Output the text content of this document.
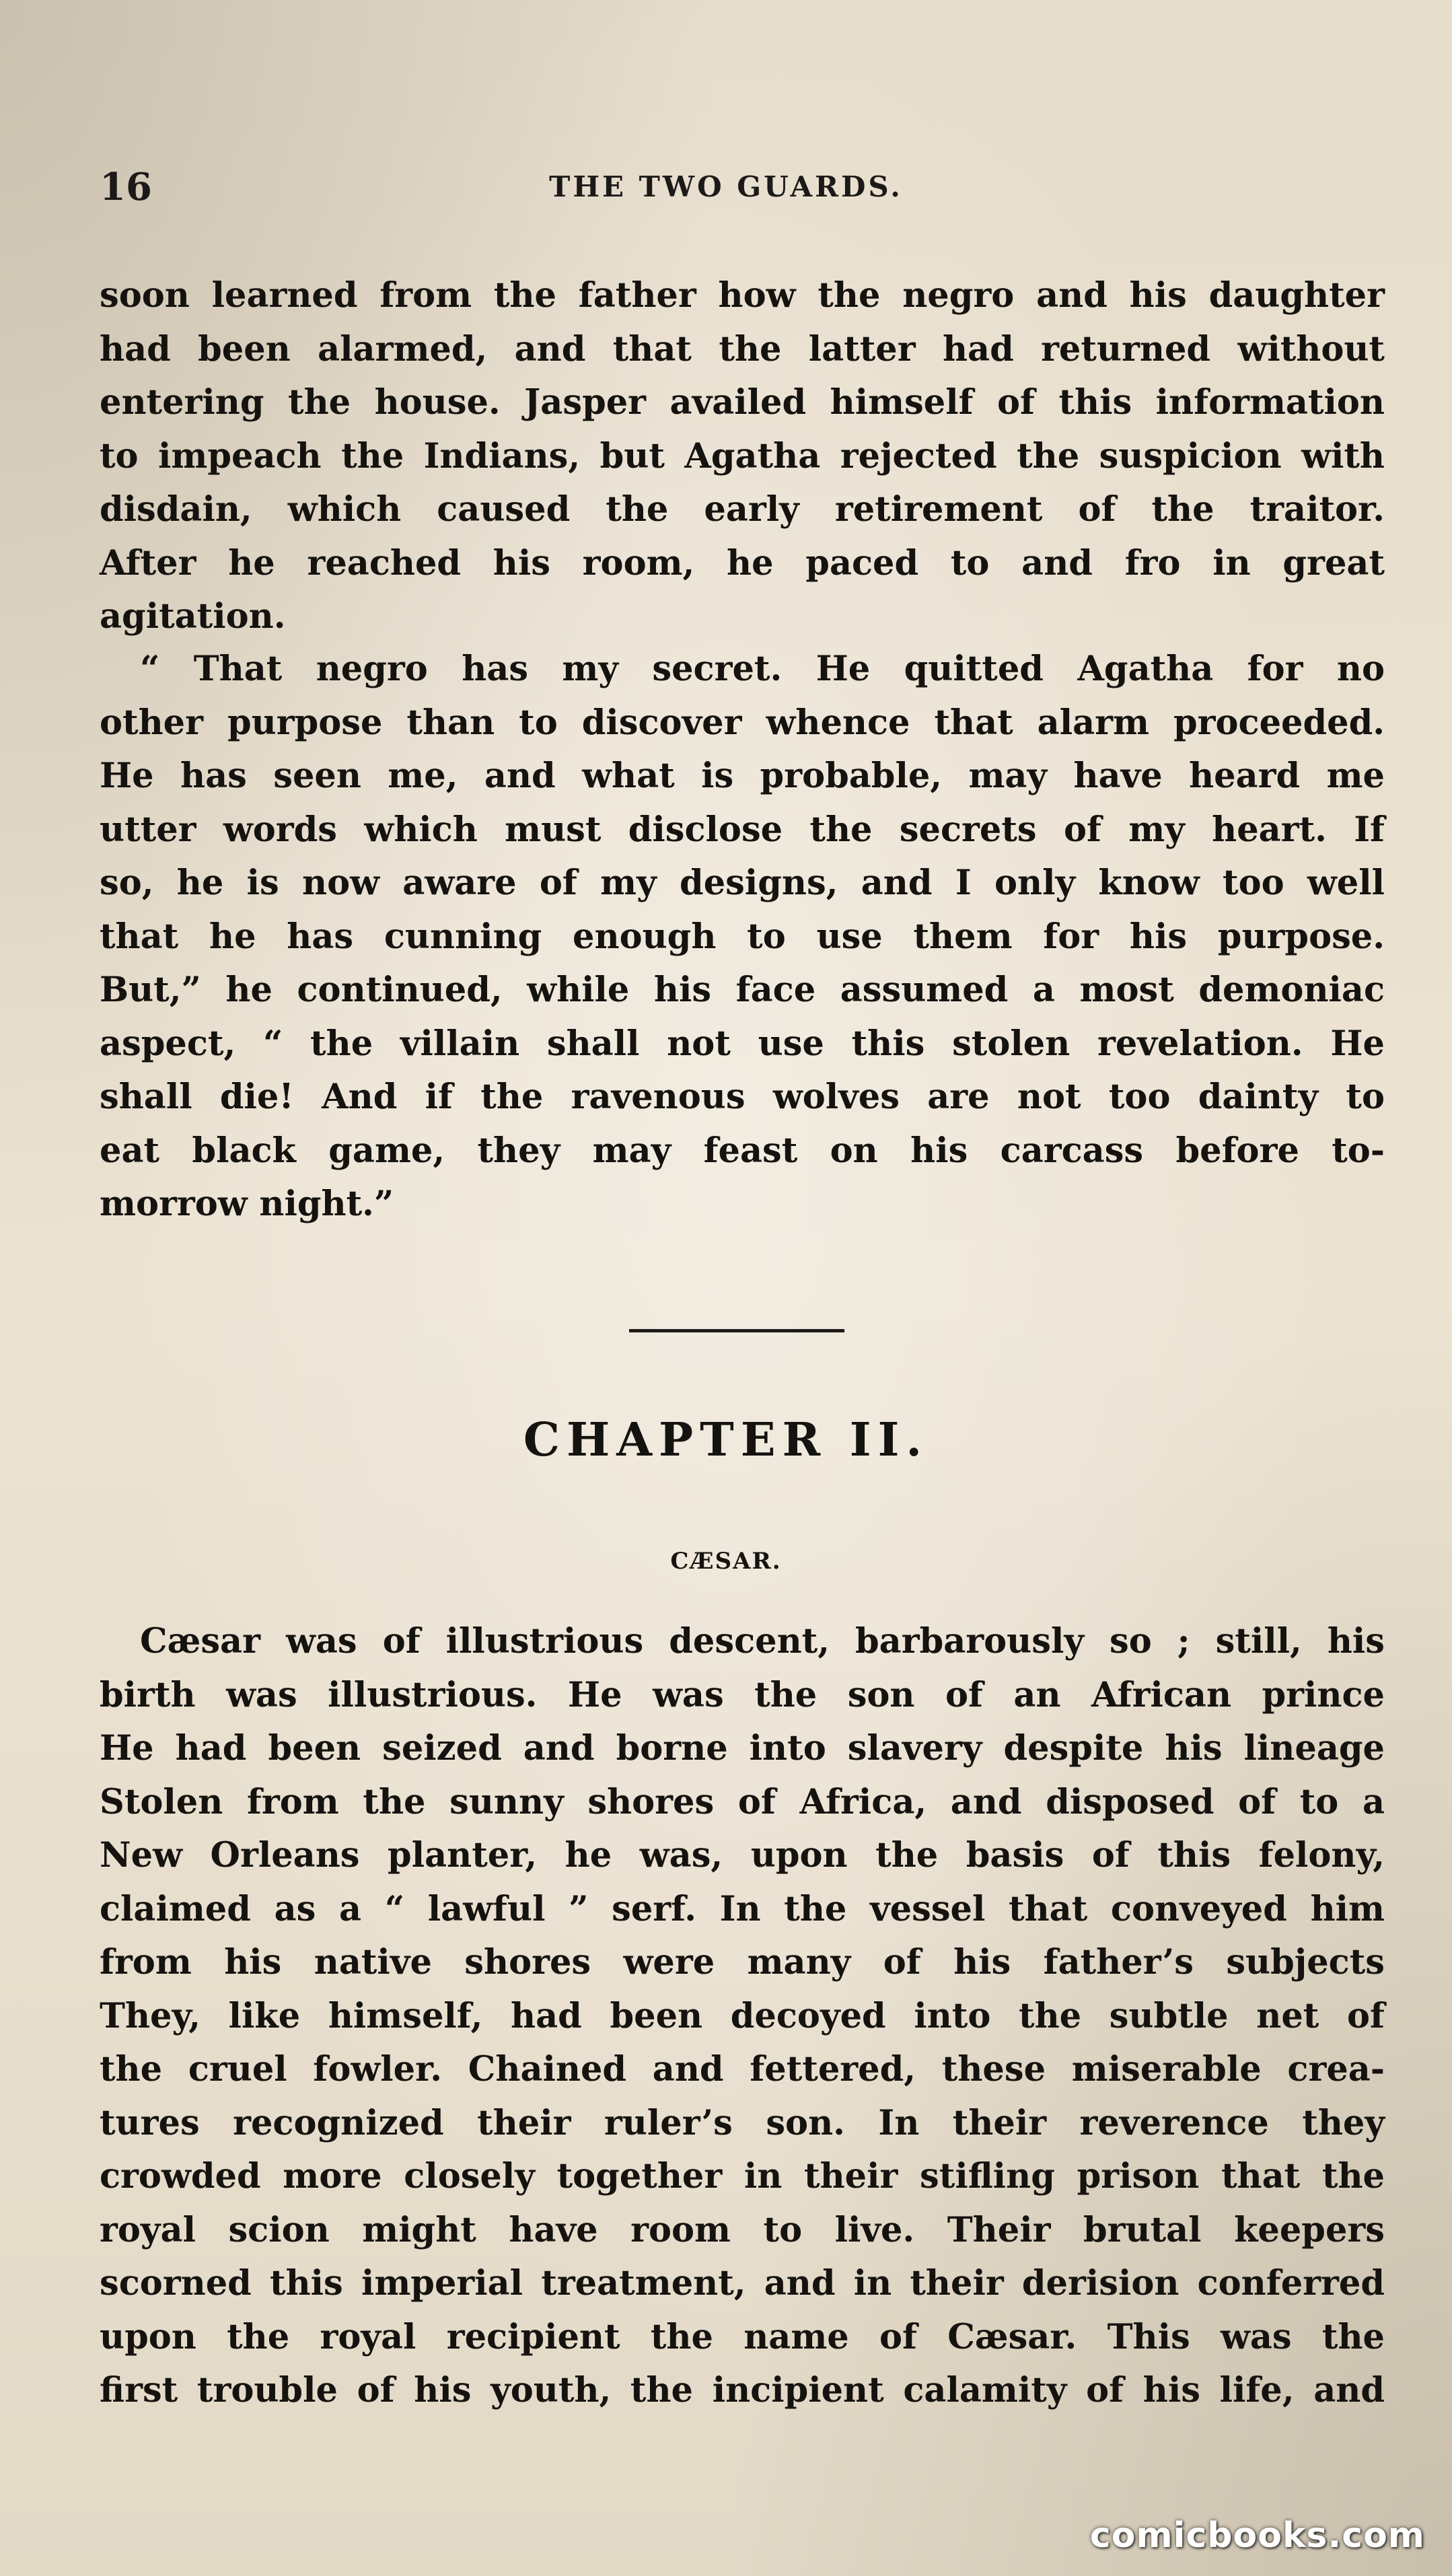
16	THE TWO GUARDS.
soon learned from the father how the negro and his daughter
had been alarmed, and that the latter had returned without
entering the house. Jasper availed himself of this information
to impeach the Indians, but Agatha rejected the suspicion with
disdain, which caused the early retirement of the traitor.
After he reached his room, he paced to and fro in great
agitation.
“ That negro has my secret. He quitted Agatha for no
other purpose than to discover whence that alarm proceeded.
He has seen me, and what is probable, may have heard me
utter words which must disclose the secrets of my heart. If
so, he is now aware of my designs, and I only know too well
that he has cunning enough to use them for his purpose.
But,” he continued, while his face assumed a most demoniac
aspect, “ the villain shall not use this stolen revelation. He
shall die! And if the ravenous wolves are not too dainty to
eat black game, they may feast on his carcass before to-
morrow night.”
CHAPTER II.
CÆSAR.
Cæsar was of illustrious descent, barbarously so ; still, his
birth was illustrious. He was the son of an African prince
He had been seized and borne into slavery despite his lineage
Stolen from the sunny shores of Africa, and disposed of to a
New Orleans planter, he was, upon the basis of this felony,
claimed as a “ lawful ” serf. In the vessel that conveyed him
from his native shores were many of his father’s subjects
They, like himself, had been decoyed into the subtle net of
the cruel fowler. Chained and fettered, these miserable crea-
tures recognized their ruler’s son. In their reverence they
crowded more closely together in their stifling prison that the
royal scion might have room to live. Their brutal keepers
scorned this imperial treatment, and in their derision conferred
upon the royal recipient the name of Cæsar. This was the
first trouble of his youth, the incipient calamity of his life, and
comicbooks.com
